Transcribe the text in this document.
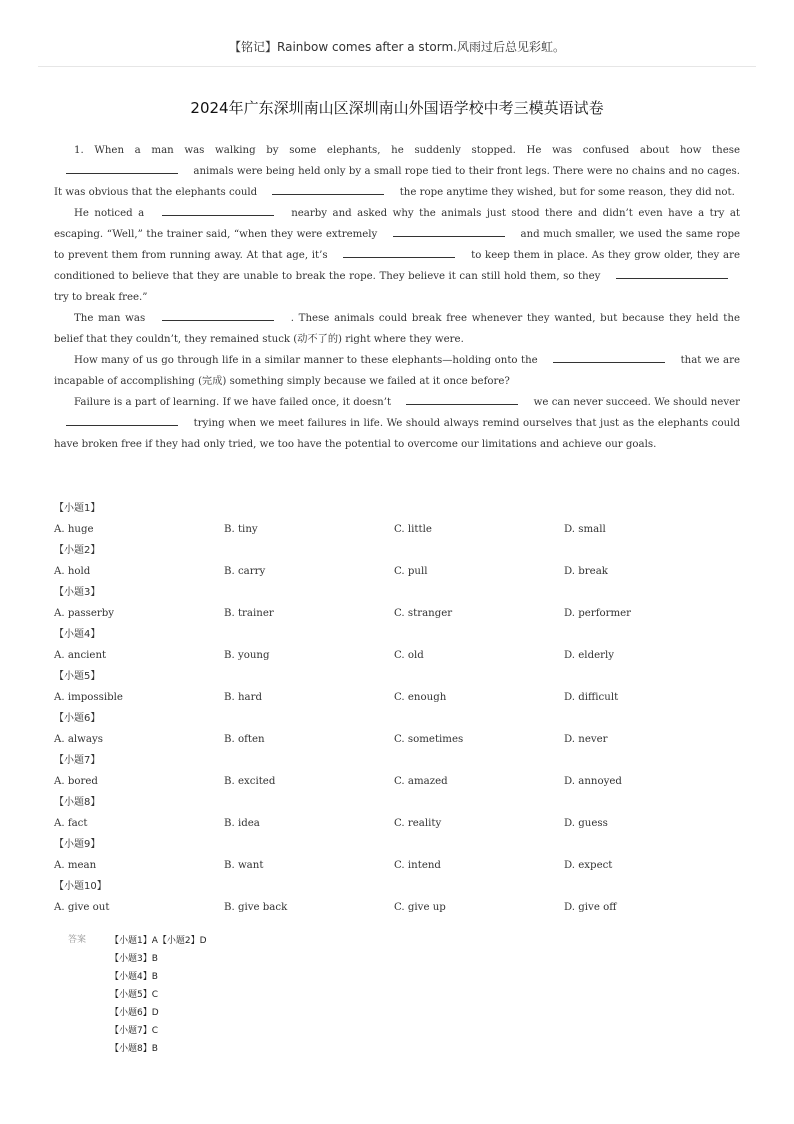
【铭记】Rainbow comes after a storm.风雨过后总见彩虹。
2024年广东深圳南山区深圳南山外国语学校中考三模英语试卷

1. When a man was walking by some elephants, he suddenly stopped. He was confused about how these  animals were being held only by a small rope tied to their front legs. There were no chains and no cages. It was obvious that the elephants could	the rope anytime they wished, but for some reason, they did not.

He noticed a	nearby and asked why the animals just stood there and didn’t even have a try at escaping. “Well,” the trainer said, “when they were extremely	and much smaller, we used the same rope to prevent them from running away. At that age, it’s	to keep them in place. As they grow older, they are conditioned to believe that they are unable to break the rope. They believe it can still hold them, so they  try to break free.”

The man was	. These animals could break free whenever they wanted, but because they held the belief that they couldn’t, they remained stuck (动不了的) right where they were.

How many of us go through life in a similar manner to these elephants—holding onto the	that we are incapable of accomplishing (完成) something simply because we failed at it once before?

Failure is a part of learning. If we have failed once, it doesn’t	we can never succeed. We should never  trying when we meet failures in life. We should always remind ourselves that just as the elephants could have broken free if they had only tried, we too have the potential to overcome our limitations and achieve our goals.

【小题1】
A. huge	B. tiny	C. little	D. small
【小题2】
A. hold	B. carry	C. pull	D. break
【小题3】
A. passerby	B. trainer	C. stranger	D. performer
【小题4】
A. ancient	B. young	C. old	D. elderly
【小题5】
A. impossible	B. hard	C. enough	D. difficult
【小题6】
A. always	B. often	C. sometimes	D. never
【小题7】
A. bored	B. excited	C. amazed	D. annoyed
【小题8】
A. fact	B. idea	C. reality	D. guess
【小题9】
A. mean	B. want	C. intend	D. expect
【小题10】
A. give out	B. give back	C. give up	D. give off
答案	【小题1】A【小题2】D
【小题3】B
【小题4】B
【小题5】C
【小题6】D
【小题7】C
【小题8】B
